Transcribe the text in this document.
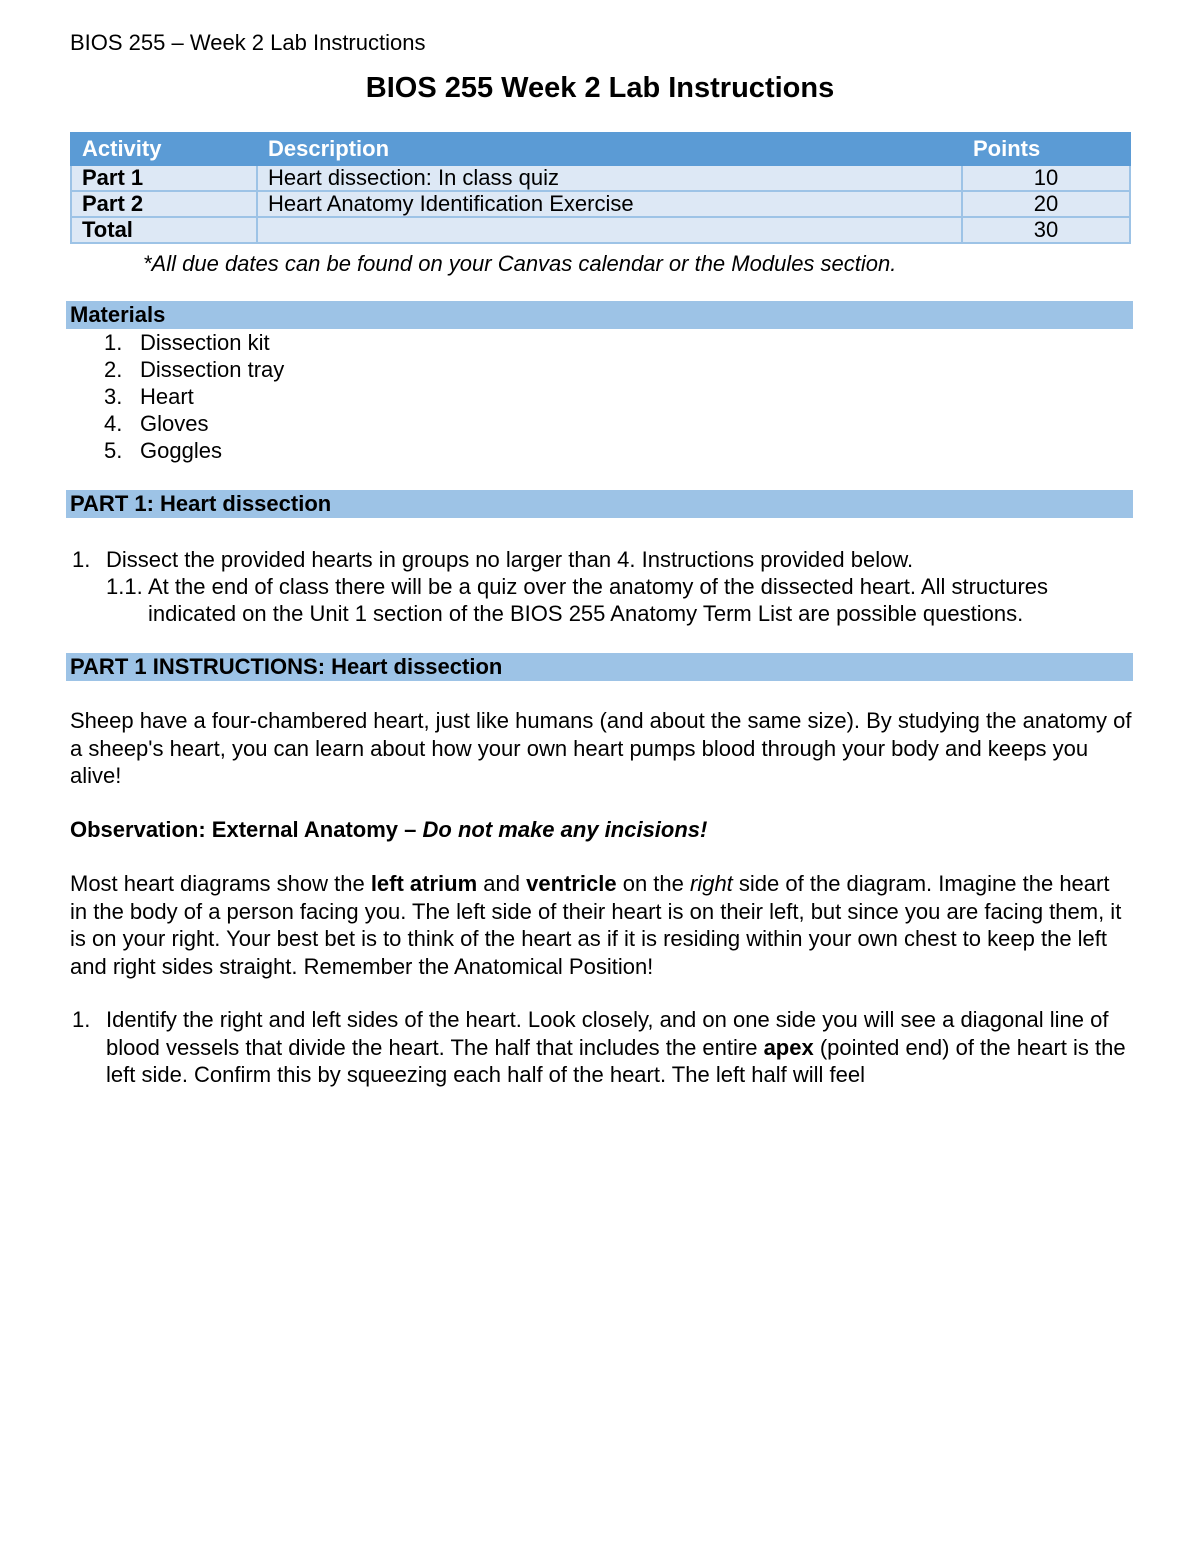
BIOS 255 – Week 2 Lab Instructions
BIOS 255 Week 2 Lab Instructions
Activity	Description	Points
Part 1	Heart dissection: In class quiz	10
Part 2	Heart Anatomy Identification Exercise	20
Total		30
*All due dates can be found on your Canvas calendar or the Modules section.
Materials
1. Dissection kit
2. Dissection tray
3. Heart
4. Gloves
5. Goggles
PART 1: Heart dissection
1. Dissect the provided hearts in groups no larger than 4. Instructions provided below.
1.1. At the end of class there will be a quiz over the anatomy of the dissected heart. All structures
indicated on the Unit 1 section of the BIOS 255 Anatomy Term List are possible questions.
PART 1 INSTRUCTIONS: Heart dissection
Sheep have a four-chambered heart, just like humans (and about the same size). By studying the anatomy of a sheep's heart, you can learn about how your own heart pumps blood through your body and keeps you alive!
Observation: External Anatomy – Do not make any incisions!
Most heart diagrams show the left atrium and ventricle on the right side of the diagram. Imagine the heart in the body of a person facing you. The left side of their heart is on their left, but since you are facing them, it is on your right. Your best bet is to think of the heart as if it is residing within your own chest to keep the left and right sides straight. Remember the Anatomical Position!
1. Identify the right and left sides of the heart. Look closely, and on one side you will see a diagonal line of blood vessels that divide the heart. The half that includes the entire apex (pointed end) of the heart is the left side. Confirm this by squeezing each half of the heart. The left half will feel
